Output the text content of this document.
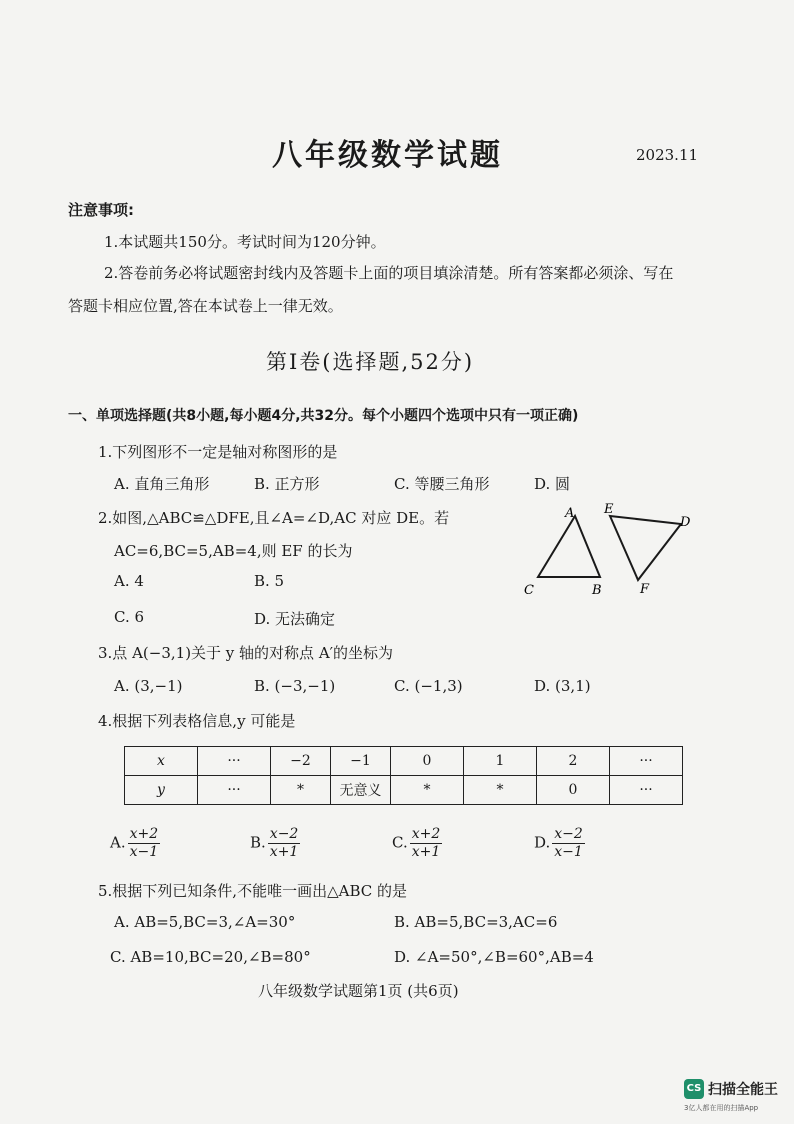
八年级数学试题	2023.11
注意事项:
1.本试题共150分。考试时间为120分钟。
2.答卷前务必将试题密封线内及答题卡上面的项目填涂清楚。所有答案都必须涂、写在
答题卡相应位置,答在本试卷上一律无效。
第Ⅰ卷(选择题,52分)
一、单项选择题(共8小题,每小题4分,共32分。每个小题四个选项中只有一项正确)
1.下列图形不一定是轴对称图形的是
A. 直角三角形	B. 正方形	C. 等腰三角形	D. 圆
2.如图,△ABC≌△DFE,且∠A=∠D,AC 对应 DE。若
AC=6,BC=5,AB=4,则 EF 的长为
A. 4	B. 5
C. 6	D. 无法确定
A
C	B
E
D
F
3.点 A(−3,1)关于 y 轴的对称点 A′的坐标为
A. (3,−1)	B. (−3,−1)	C. (−1,3)	D. (3,1)
4.根据下列表格信息,y 可能是
x	···	−2	−1	0	1	2	···
y	···	*	无意义	*	*	0	···
A. $\frac{x+2}{x-1}$	B. $\frac{x-2}{x+1}$	C. $\frac{x+2}{x+1}$	D. $\frac{x-2}{x-1}$
5.根据下列已知条件,不能唯一画出△ABC 的是
A. AB=5,BC=3,∠A=30°	B. AB=5,BC=3,AC=6
C. AB=10,BC=20,∠B=80°	D. ∠A=50°,∠B=60°,AB=4
八年级数学试题第1页 (共6页)
CS 扫描全能王
3亿人都在用的扫描App
